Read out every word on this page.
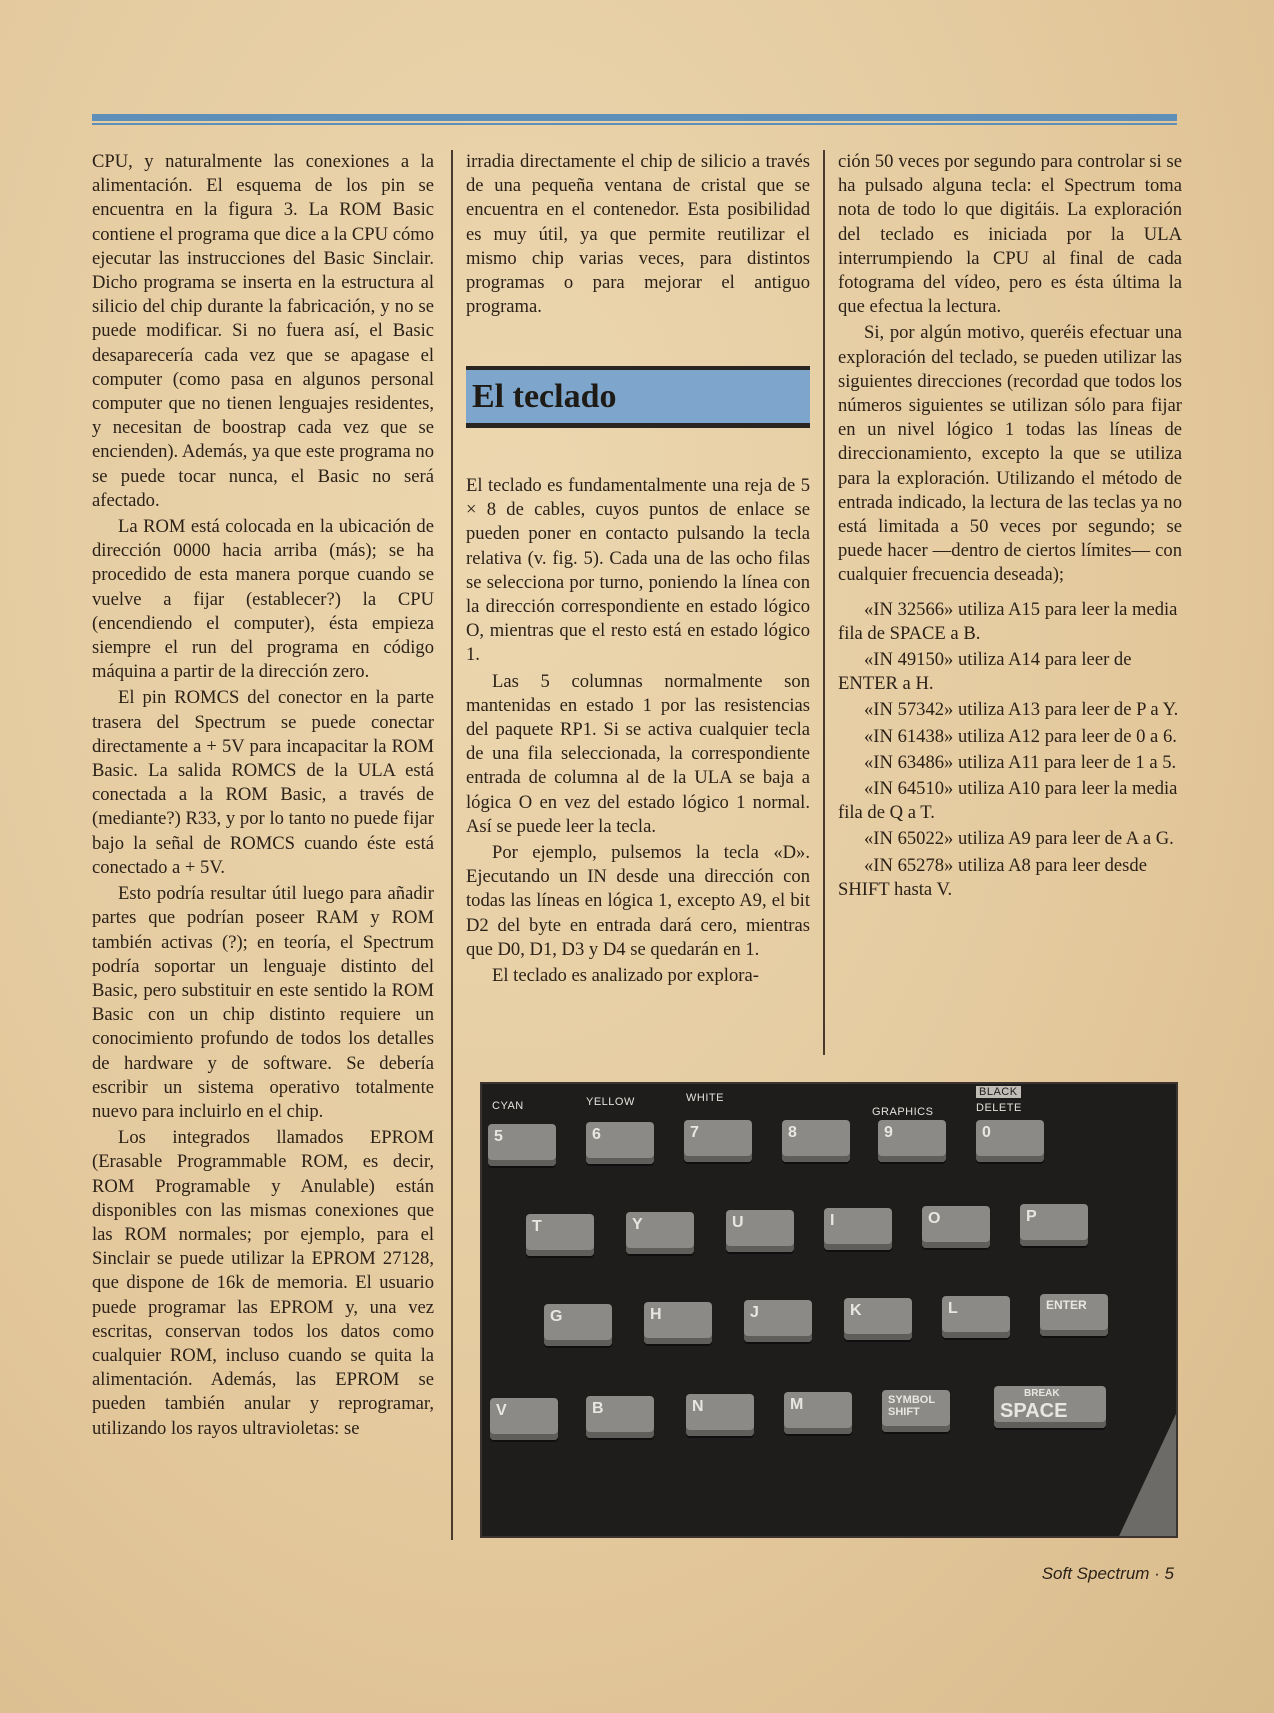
CPU, y naturalmente las conexiones a la alimentación. El esquema de los pin se encuentra en la figura 3. La ROM Basic contiene el programa que dice a la CPU cómo ejecutar las instrucciones del Basic Sinclair. Dicho programa se inserta en la estructura al silicio del chip durante la fabricación, y no se puede modificar. Si no fuera así, el Basic desaparecería cada vez que se apagase el computer (como pasa en algunos personal computer que no tienen lenguajes residentes, y necesitan de boostrap cada vez que se encienden). Además, ya que este programa no se puede tocar nunca, el Basic no será afectado.

La ROM está colocada en la ubicación de dirección 0000 hacia arriba (más); se ha procedido de esta manera porque cuando se vuelve a fijar (establecer?) la CPU (encendiendo el computer), ésta empieza siempre el run del programa en código máquina a partir de la dirección zero.

El pin ROMCS del conector en la parte trasera del Spectrum se puede conectar directamente a + 5V para incapacitar la ROM Basic. La salida ROMCS de la ULA está conectada a la ROM Basic, a través de (mediante?) R33, y por lo tanto no puede fijar bajo la señal de ROMCS cuando éste está conectado a + 5V.

Esto podría resultar útil luego para añadir partes que podrían poseer RAM y ROM también activas (?); en teoría, el Spectrum podría soportar un lenguaje distinto del Basic, pero substituir en este sentido la ROM Basic con un chip distinto requiere un conocimiento profundo de todos los detalles de hardware y de software. Se debería escribir un sistema operativo totalmente nuevo para incluirlo en el chip.

Los integrados llamados EPROM (Erasable Programmable ROM, es decir, ROM Programable y Anulable) están disponibles con las mismas conexiones que las ROM normales; por ejemplo, para el Sinclair se puede utilizar la EPROM 27128, que dispone de 16k de memoria. El usuario puede programar las EPROM y, una vez escritas, conservan todos los datos como cualquier ROM, incluso cuando se quita la alimentación. Además, las EPROM se pueden también anular y reprogramar, utilizando los rayos ultravioletas: se

irradia directamente el chip de silicio a través de una pequeña ventana de cristal que se encuentra en el contenedor. Esta posibilidad es muy útil, ya que permite reutilizar el mismo chip varias veces, para distintos programas o para mejorar el antiguo programa.

El teclado

El teclado es fundamentalmente una reja de 5 × 8 de cables, cuyos puntos de enlace se pueden poner en contacto pulsando la tecla relativa (v. fig. 5). Cada una de las ocho filas se selecciona por turno, poniendo la línea con la dirección correspondiente en estado lógico O, mientras que el resto está en estado lógico 1.

Las 5 columnas normalmente son mantenidas en estado 1 por las resistencias del paquete RP1. Si se activa cualquier tecla de una fila seleccionada, la correspondiente entrada de columna al de la ULA se baja a lógica O en vez del estado lógico 1 normal. Así se puede leer la tecla.

Por ejemplo, pulsemos la tecla «D». Ejecutando un IN desde una dirección con todas las líneas en lógica 1, excepto A9, el bit D2 del byte en entrada dará cero, mientras que D0, D1, D3 y D4 se quedarán en 1.

El teclado es analizado por explora-

ción 50 veces por segundo para controlar si se ha pulsado alguna tecla: el Spectrum toma nota de todo lo que digitáis. La exploración del teclado es iniciada por la ULA interrumpiendo la CPU al final de cada fotograma del vídeo, pero es ésta última la que efectua la lectura.

Si, por algún motivo, queréis efectuar una exploración del teclado, se pueden utilizar las siguientes direcciones (recordad que todos los números siguientes se utilizan sólo para fijar en un nivel lógico 1 todas las líneas de direccionamiento, excepto la que se utiliza para la exploración. Utilizando el método de entrada indicado, la lectura de las teclas ya no está limitada a 50 veces por segundo; se puede hacer —dentro de ciertos límites— con cualquier frecuencia deseada);

«IN 32566» utiliza A15 para leer la media fila de SPACE a B.

«IN 49150» utiliza A14 para leer de ENTER a H.

«IN 57342» utiliza A13 para leer de P a Y.

«IN 61438» utiliza A12 para leer de 0 a 6.

«IN 63486» utiliza A11 para leer de 1 a 5.

«IN 64510» utiliza A10 para leer la media fila de Q a T.

«IN 65022» utiliza A9 para leer de A a G.

«IN 65278» utiliza A8 para leer desde SHIFT hasta V.

CYAN	YELLOW	WHITE
GRAPHICS
BLACK
DELETE
5	6	7	8	9	0
T	Y	U	I	O	P
G	H	J	K	L	ENTER
V	B	N	M	SYMBOL SHIFT
BREAK
SPACE
Soft Spectrum · 5
